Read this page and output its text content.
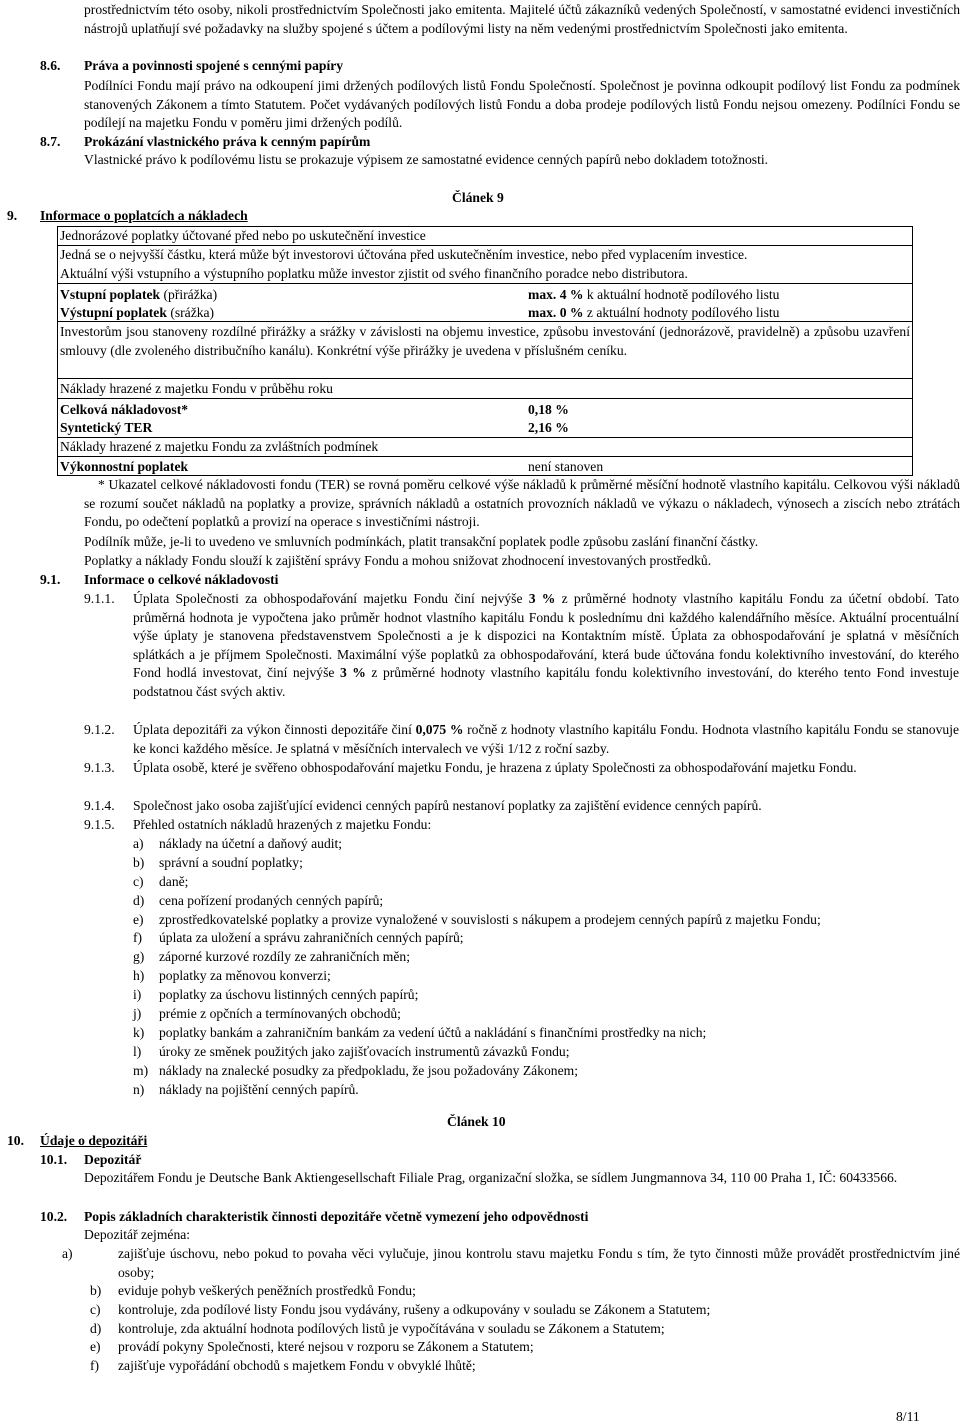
prostřednictvím této osoby, nikoli prostřednictvím Společnosti jako emitenta. Majitelé účtů zákazníků vedených Společností, v samostatné evidenci investičních nástrojů uplatňují své požadavky na služby spojené s účtem a podílovými listy na něm vedenými prostřednictvím Společnosti jako emitenta.

8.6. Práva a povinnosti spojené s cennými papíry

Podílníci Fondu mají právo na odkoupení jimi držených podílových listů Fondu Společností. Společnost je povinna odkoupit podílový list Fondu za podmínek stanovených Zákonem a tímto Statutem. Počet vydávaných podílových listů Fondu a doba prodeje podílových listů Fondu nejsou omezeny. Podílníci Fondu se podílejí na majetku Fondu v poměru jimi držených podílů.

8.7. Prokázání vlastnického práva k cenným papírům

Vlastnické právo k podílovému listu se prokazuje výpisem ze samostatné evidence cenných papírů nebo dokladem totožnosti.

Článek 9
9. Informace o poplatcích a nákladech
Jednorázové poplatky účtované před nebo po uskutečnění investice
Jedná se o nejvyšší částku, která může být investorovi účtována před uskutečněním investice, nebo před vyplacením investice.
Aktuální výši vstupního a výstupního poplatku může investor zjistit od svého finančního poradce nebo distributora.
Vstupní poplatek (přirážka)	max. 4 % k aktuální hodnotě podílového listu
Výstupní poplatek (srážka)	max. 0 % z aktuální hodnoty podílového listu
Investorům jsou stanoveny rozdílné přirážky a srážky v závislosti na objemu investice, způsobu investování (jednorázově, pravidelně) a způsobu uzavření smlouvy (dle zvoleného distribučního kanálu). Konkrétní výše přirážky je uvedena v příslušném ceníku.
Náklady hrazené z majetku Fondu v průběhu roku
Celková nákladovost*	0,18 %
Syntetický TER	2,16 %
Náklady hrazené z majetku Fondu za zvláštních podmínek
Výkonnostní poplatek	není stanoven

* Ukazatel celkové nákladovosti fondu (TER) se rovná poměru celkové výše nákladů k průměrné měsíční hodnotě vlastního kapitálu. Celkovou výši nákladů se rozumí součet nákladů na poplatky a provize, správních nákladů a ostatních provozních nákladů ve výkazu o nákladech, výnosech a ziscích nebo ztrátách Fondu, po odečtení poplatků a provizí na operace s investičními nástroji.

Podílník může, je-li to uvedeno ve smluvních podmínkách, platit transakční poplatek podle způsobu zaslání finanční částky.

Poplatky a náklady Fondu slouží k zajištění správy Fondu a mohou snižovat zhodnocení investovaných prostředků.

9.1. Informace o celkové nákladovosti
9.1.1. Úplata Společnosti za obhospodařování majetku Fondu činí nejvýše 3 % z průměrné hodnoty vlastního kapitálu Fondu za účetní období. Tato průměrná hodnota je vypočtena jako průměr hodnot vlastního kapitálu Fondu k poslednímu dni každého kalendářního měsíce. Aktuální procentuální výše úplaty je stanovena představenstvem Společnosti a je k dispozici na Kontaktním místě. Úplata za obhospodařování je splatná v měsíčních splátkách a je příjmem Společnosti. Maximální výše poplatků za obhospodařování, která bude účtována fondu kolektivního investování, do kterého Fond hodlá investovat, činí nejvýše 3 % z průměrné hodnoty vlastního kapitálu fondu kolektivního investování, do kterého tento Fond investuje podstatnou část svých aktiv.

9.1.2. Úplata depozitáři za výkon činnosti depozitáře činí 0,075 % ročně z hodnoty vlastního kapitálu Fondu. Hodnota vlastního kapitálu Fondu se stanovuje ke konci každého měsíce. Je splatná v měsíčních intervalech ve výši 1/12 z roční sazby.

9.1.3. Úplata osobě, které je svěřeno obhospodařování majetku Fondu, je hrazena z úplaty Společnosti za obhospodařování majetku Fondu.

9.1.4. Společnost jako osoba zajišťující evidenci cenných papírů nestanoví poplatky za zajištění evidence cenných papírů.

9.1.5. Přehled ostatních nákladů hrazených z majetku Fondu:

a) náklady na účetní a daňový audit;
b) správní a soudní poplatky;
c) daně;
d) cena pořízení prodaných cenných papírů;
e) zprostředkovatelské poplatky a provize vynaložené v souvislosti s nákupem a prodejem cenných papírů z majetku Fondu;
f) úplata za uložení a správu zahraničních cenných papírů;
g) záporné kurzové rozdíly ze zahraničních měn;
h) poplatky za měnovou konverzi;
i) poplatky za úschovu listinných cenných papírů;
j) prémie z opčních a termínovaných obchodů;
k) poplatky bankám a zahraničním bankám za vedení účtů a nakládání s finančními prostředky na nich;
l) úroky ze směnek použitých jako zajišťovacích instrumentů závazků Fondu;
m) náklady na znalecké posudky za předpokladu, že jsou požadovány Zákonem;
n) náklady na pojištění cenných papírů.
Článek 10
10. Údaje o depozitáři
10.1. Depozitář

Depozitářem Fondu je Deutsche Bank Aktiengesellschaft Filiale Prag, organizační složka, se sídlem Jungmannova 34, 110 00 Praha 1, IČ: 60433566.

10.2. Popis základních charakteristik činnosti depozitáře včetně vymezení jeho odpovědnosti
Depozitář zejména:
a)	zajišťuje úschovu, nebo pokud to povaha věci vylučuje, jinou kontrolu stavu majetku Fondu s tím, že tyto činnosti může provádět prostřednictvím jiné osoby;
b) eviduje pohyb veškerých peněžních prostředků Fondu;
c) kontroluje, zda podílové listy Fondu jsou vydávány, rušeny a odkupovány v souladu se Zákonem a Statutem;
d) kontroluje, zda aktuální hodnota podílových listů je vypočítávána v souladu se Zákonem a Statutem;
e) provádí pokyny Společnosti, které nejsou v rozporu se Zákonem a Statutem;
f) zajišťuje vypořádání obchodů s majetkem Fondu v obvyklé lhůtě;
8/11
